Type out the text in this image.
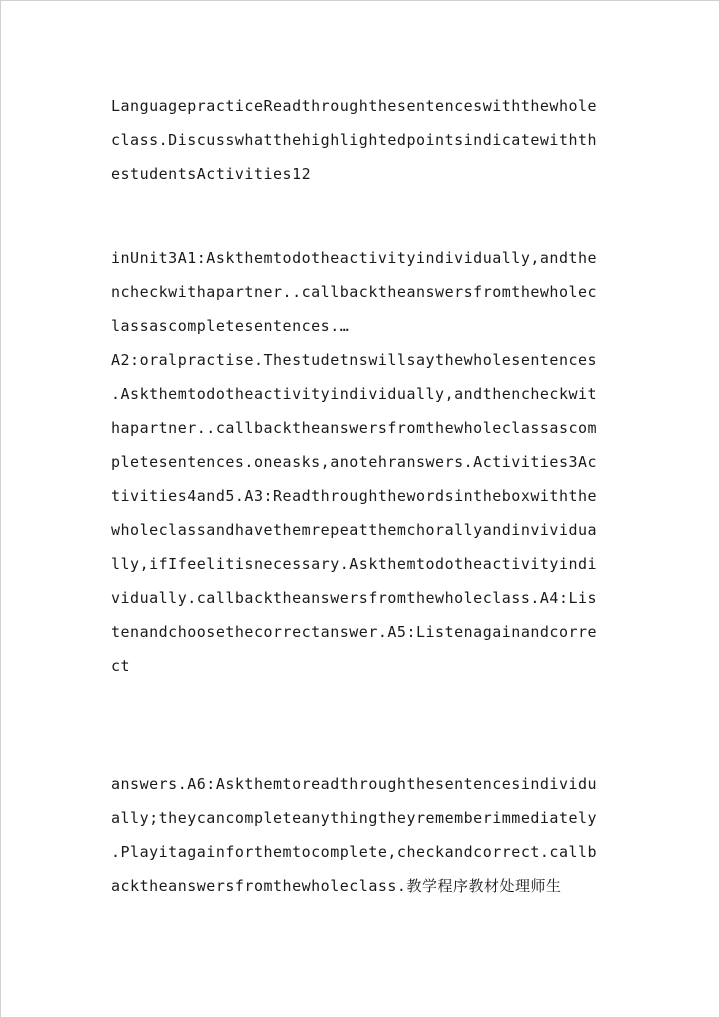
LanguagepracticeReadthroughthesentenceswiththewhole
class.Discusswhatthehighlightedpointsindicatewithth
estudentsActivities12
inUnit3A1:Askthemtodotheactivityindividually,andthe
ncheckwithapartner..callbacktheanswersfromthewholec
lassascompletesentences.…
A2:oralpractise.Thestudetnswillsaythewholesentences
.Askthemtodotheactivityindividually,andthencheckwit
hapartner..callbacktheanswersfromthewholeclassascom
pletesentences.oneasks,anotehranswers.Activities3Ac
tivities4and5.A3:Readthroughthewordsintheboxwiththe
wholeclassandhavethemrepeatthemchorallyandinvividua
lly,ifIfeelitisnecessary.Askthemtodotheactivityindi
vidually.callbacktheanswersfromthewholeclass.A4:Lis
tenandchoosethecorrectanswer.A5:Listenagainandcorre
ct
answers.A6:Askthemtoreadthroughthesentencesindividu
ally;theycancompleteanythingtheyrememberimmediately
.Playitagainforthemtocomplete,checkandcorrect.callb
acktheanswersfromthewholeclass.教学程序教材处理师生
